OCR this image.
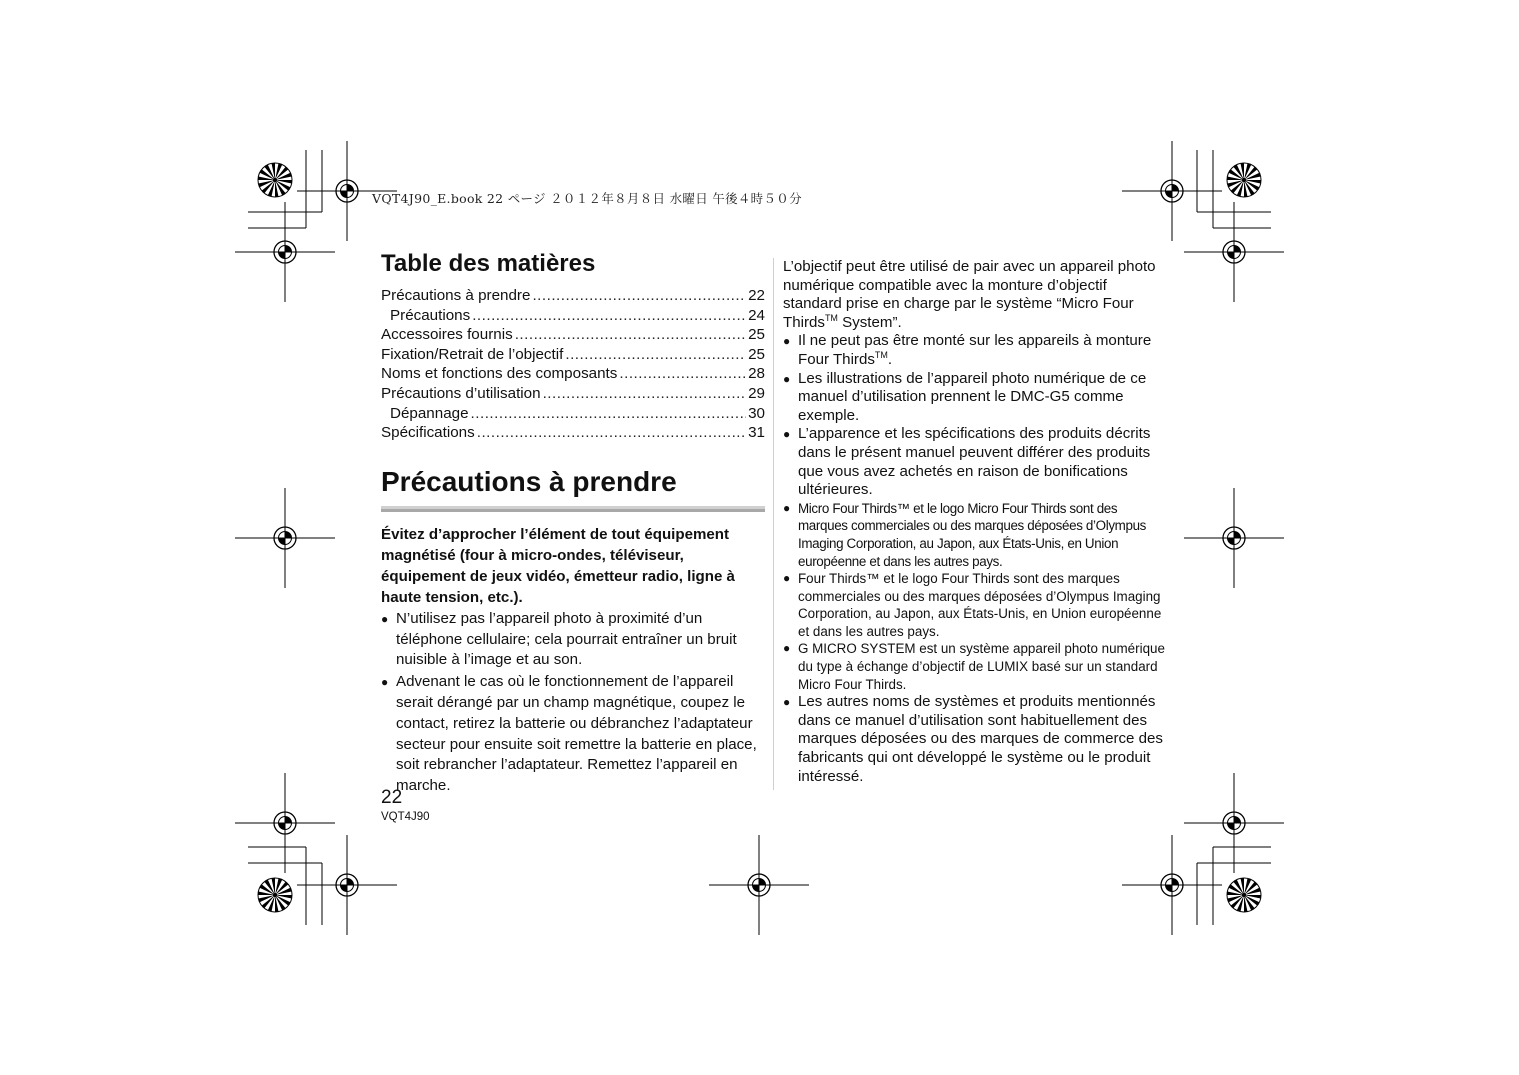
VQT4J90_E.book 22 ページ ２０１２年８月８日 水曜日 午後４時５０分
Table des matières
Précautions à prendre .....	22
Précautions .....	24
Accessoires fournis .....	25
Fixation/Retrait de l’objectif .....	25
Noms et fonctions des composants .....	28
Précautions d’utilisation .....	29
Dépannage .....	30
Spécifications .....	31
Précautions à prendre

Évitez d’approcher l’élément de tout équipement magnétisé (four à micro-ondes, téléviseur, équipement de jeux vidéo, émetteur radio, ligne à haute tension, etc.).

● N’utilisez pas l’appareil photo à proximité d’un téléphone cellulaire; cela pourrait entraîner un bruit nuisible à l’image et au son.
● Advenant le cas où le fonctionnement de l’appareil serait dérangé par un champ magnétique, coupez le contact, retirez la batterie ou débranchez l’adaptateur secteur pour ensuite soit remettre la batterie en place, soit rebrancher l’adaptateur. Remettez l’appareil en marche.

L’objectif peut être utilisé de pair avec un appareil photo numérique compatible avec la monture d’objectif standard prise en charge par le système “Micro Four Thirds™ System”.

● Il ne peut pas être monté sur les appareils à monture Four Thirds™.
● Les illustrations de l’appareil photo numérique de ce manuel d’utilisation prennent le DMC-G5 comme exemple.
● L’apparence et les spécifications des produits décrits dans le présent manuel peuvent différer des produits que vous avez achetés en raison de bonifications ultérieures.
● Micro Four Thirds™ et le logo Micro Four Thirds sont des marques commerciales ou des marques déposées d’Olympus Imaging Corporation, au Japon, aux États-Unis, en Union européenne et dans les autres pays.
● Four Thirds™ et le logo Four Thirds sont des marques commerciales ou des marques déposées d’Olympus Imaging Corporation, au Japon, aux États-Unis, en Union européenne et dans les autres pays.
● G MICRO SYSTEM est un système appareil photo numérique du type à échange d’objectif de LUMIX basé sur un standard Micro Four Thirds.
● Les autres noms de systèmes et produits mentionnés dans ce manuel d’utilisation sont habituellement des marques déposées ou des marques de commerce des fabricants qui ont développé le système ou le produit intéressé.
22
VQT4J90
